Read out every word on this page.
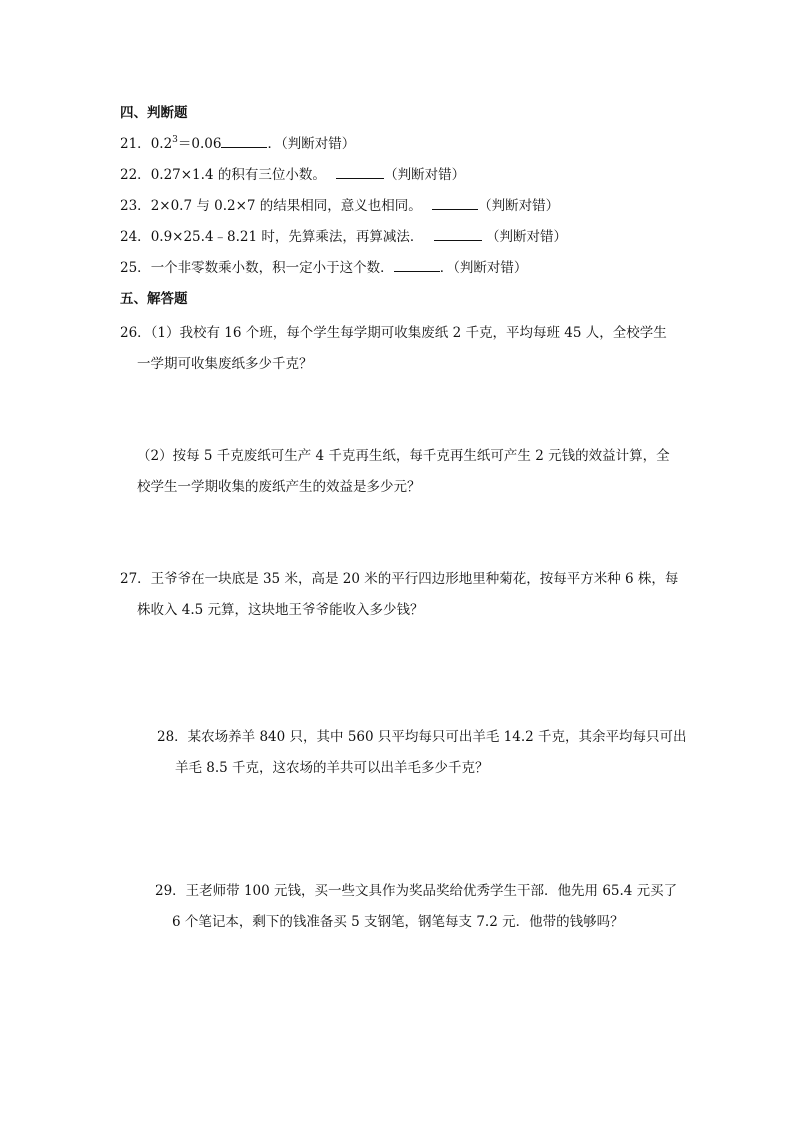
四、判断题
21．$0.2^3=0.06$	．（判断对错）
22．0.27×1.4 的积有三位小数。	（判断对错）
23．2×0.7 与 0.2×7 的结果相同，意义也相同。	（判断对错）
24．0.9×25.4﹣8.21 时，先算乘法，再算减法．	（判断对错）
25．一个非零数乘小数，积一定小于这个数．	．（判断对错）
五、解答题
26．（1）我校有 16 个班，每个学生每学期可收集废纸 2 千克，平均每班 45 人，全校学生
一学期可收集废纸多少千克？
（2）按每 5 千克废纸可生产 4 千克再生纸，每千克再生纸可产生 2 元钱的效益计算，全
校学生一学期收集的废纸产生的效益是多少元？
27．王爷爷在一块底是 35 米，高是 20 米的平行四边形地里种菊花，按每平方米种 6 株，每
株收入 4.5 元算，这块地王爷爷能收入多少钱？
28．某农场养羊 840 只，其中 560 只平均每只可出羊毛 14.2 千克，其余平均每只可出
羊毛 8.5 千克，这农场的羊共可以出羊毛多少千克？
29．王老师带 100 元钱，买一些文具作为奖品奖给优秀学生干部．他先用 65.4 元买了
6 个笔记本，剩下的钱准备买 5 支钢笔，钢笔每支 7.2 元．他带的钱够吗？
